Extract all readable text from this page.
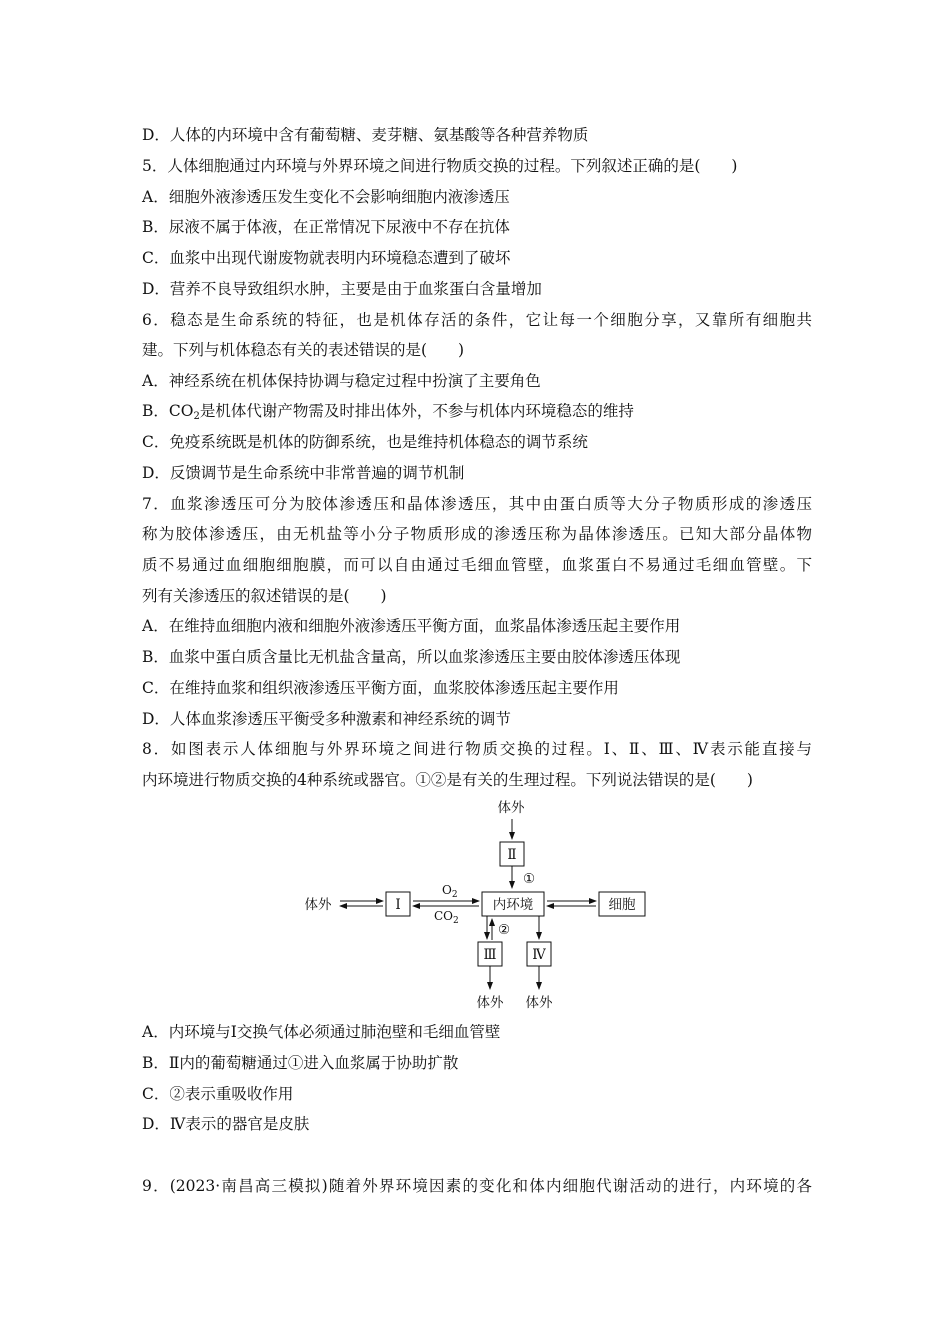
D．人体的内环境中含有葡萄糖、麦芽糖、氨基酸等各种营养物质
5．人体细胞通过内环境与外界环境之间进行物质交换的过程。下列叙述正确的是(　　)
A．细胞外液渗透压发生变化不会影响细胞内液渗透压
B．尿液不属于体液，在正常情况下尿液中不存在抗体
C．血浆中出现代谢废物就表明内环境稳态遭到了破坏
D．营养不良导致组织水肿，主要是由于血浆蛋白含量增加
6．稳态是生命系统的特征，也是机体存活的条件，它让每一个细胞分享，又靠所有细胞共
建。下列与机体稳态有关的表述错误的是(　　)
A．神经系统在机体保持协调与稳定过程中扮演了主要角色
B．$CO_2$是机体代谢产物需及时排出体外，不参与机体内环境稳态的维持
C．免疫系统既是机体的防御系统，也是维持机体稳态的调节系统
D．反馈调节是生命系统中非常普遍的调节机制
7．血浆渗透压可分为胶体渗透压和晶体渗透压，其中由蛋白质等大分子物质形成的渗透压
称为胶体渗透压，由无机盐等小分子物质形成的渗透压称为晶体渗透压。已知大部分晶体物
质不易通过血细胞细胞膜，而可以自由通过毛细血管壁，血浆蛋白不易通过毛细血管壁。下
列有关渗透压的叙述错误的是(　　)
A．在维持血细胞内液和细胞外液渗透压平衡方面，血浆晶体渗透压起主要作用
B．血浆中蛋白质含量比无机盐含量高，所以血浆渗透压主要由胶体渗透压体现
C．在维持血浆和组织液渗透压平衡方面，血浆胶体渗透压起主要作用
D．人体血浆渗透压平衡受多种激素和神经系统的调节
8．如图表示人体细胞与外界环境之间进行物质交换的过程。Ⅰ、Ⅱ、Ⅲ、Ⅳ表示能直接与
内环境进行物质交换的4种系统或器官。①②是有关的生理过程。下列说法错误的是(　　)
体外
Ⅱ
①
体外	Ⅰ
$O_2$
$CO_2$
内环境	细胞
②
Ⅲ
体外
Ⅳ
体外
A．内环境与Ⅰ交换气体必须通过肺泡壁和毛细血管壁
B．Ⅱ内的葡萄糖通过①进入血浆属于协助扩散
C．②表示重吸收作用
D．Ⅳ表示的器官是皮肤
9．(2023·南昌高三模拟)随着外界环境因素的变化和体内细胞代谢活动的进行，内环境的各
